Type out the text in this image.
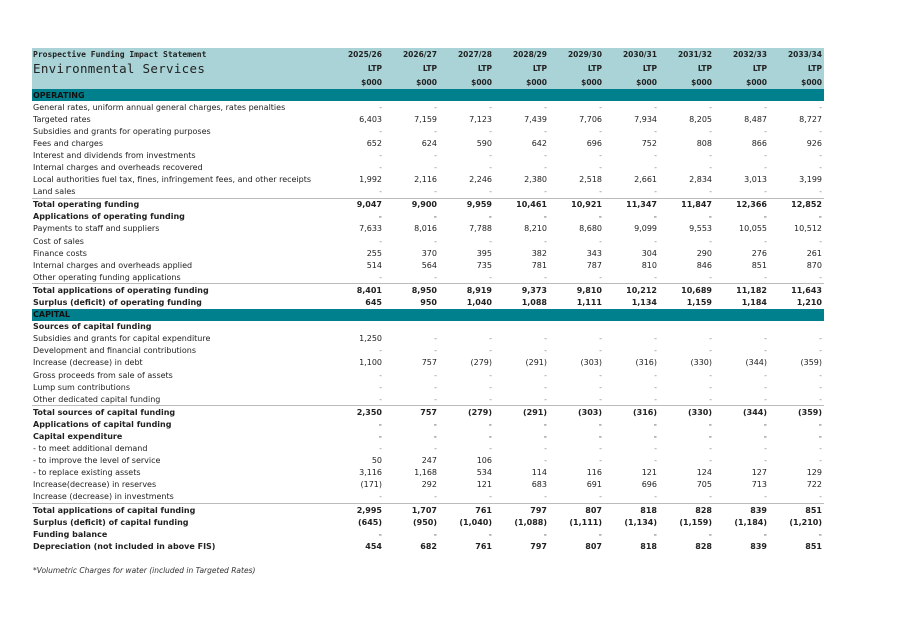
Prospective Funding Impact Statement	2025/26	2026/27	2027/28	2028/29	2029/30	2030/31	2031/32	2032/33	2033/34
Environmental Services	LTP	LTP	LTP	LTP	LTP	LTP	LTP	LTP	LTP
	$000	$000	$000	$000	$000	$000	$000	$000	$000
OPERATING									
General rates, uniform annual general charges, rates penalties	-	-	-	-	-	-	-	-	-
Targeted rates	6,403	7,159	7,123	7,439	7,706	7,934	8,205	8,487	8,727
Subsidies and grants for operating purposes	-	-	-	-	-	-	-	-	-
Fees and charges	652	624	590	642	696	752	808	866	926
Interest and dividends from investments	-	-	-	-	-	-	-	-	-
Internal charges and overheads recovered	-	-	-	-	-	-	-	-	-
Local authorities fuel tax, fines, infringement fees, and other receipts	1,992	2,116	2,246	2,380	2,518	2,661	2,834	3,013	3,199
Land sales	-	-	-	-	-	-	-	-	-
Total operating funding	9,047	9,900	9,959	10,461	10,921	11,347	11,847	12,366	12,852
Applications of operating funding	-	-	-	-	-	-	-	-	-
Payments to staff and suppliers	7,633	8,016	7,788	8,210	8,680	9,099	9,553	10,055	10,512
Cost of sales	-	-	-	-	-	-	-	-	-
Finance costs	255	370	395	382	343	304	290	276	261
Internal charges and overheads applied	514	564	735	781	787	810	846	851	870
Other operating funding applications	-	-	-	-	-	-	-	-	-
Total applications of operating funding	8,401	8,950	8,919	9,373	9,810	10,212	10,689	11,182	11,643
Surplus (deficit) of operating funding	645	950	1,040	1,088	1,111	1,134	1,159	1,184	1,210
CAPITAL									
Sources of capital funding									
Subsidies and grants for capital expenditure	1,250	-	-	-	-	-	-	-	-
Development and financial contributions	-	-	-	-	-	-	-	-	-
Increase (decrease) in debt	1,100	757	(279)	(291)	(303)	(316)	(330)	(344)	(359)
Gross proceeds from sale of assets	-	-	-	-	-	-	-	-	-
Lump sum contributions	-	-	-	-	-	-	-	-	-
Other dedicated capital funding	-	-	-	-	-	-	-	-	-
Total sources of capital funding	2,350	757	(279)	(291)	(303)	(316)	(330)	(344)	(359)
Applications of capital funding	-	-	-	-	-	-	-	-	-
Capital expenditure	-	-	-	-	-	-	-	-	-
- to meet additional demand	-	-	-	-	-	-	-	-	-
- to improve the level of service	50	247	106	-	-	-	-	-	-
- to replace existing assets	3,116	1,168	534	114	116	121	124	127	129
Increase(decrease) in reserves	(171)	292	121	683	691	696	705	713	722
Increase (decrease) in investments	-	-	-	-	-	-	-	-	-
Total applications of capital funding	2,995	1,707	761	797	807	818	828	839	851
Surplus (deficit) of capital funding	(645)	(950)	(1,040)	(1,088)	(1,111)	(1,134)	(1,159)	(1,184)	(1,210)
Funding balance	-	-	-	-	-	-	-	-	-
Depreciation (not included in above FIS)	454	682	761	797	807	818	828	839	851
*Volumetric Charges for water (included in Targeted Rates)
